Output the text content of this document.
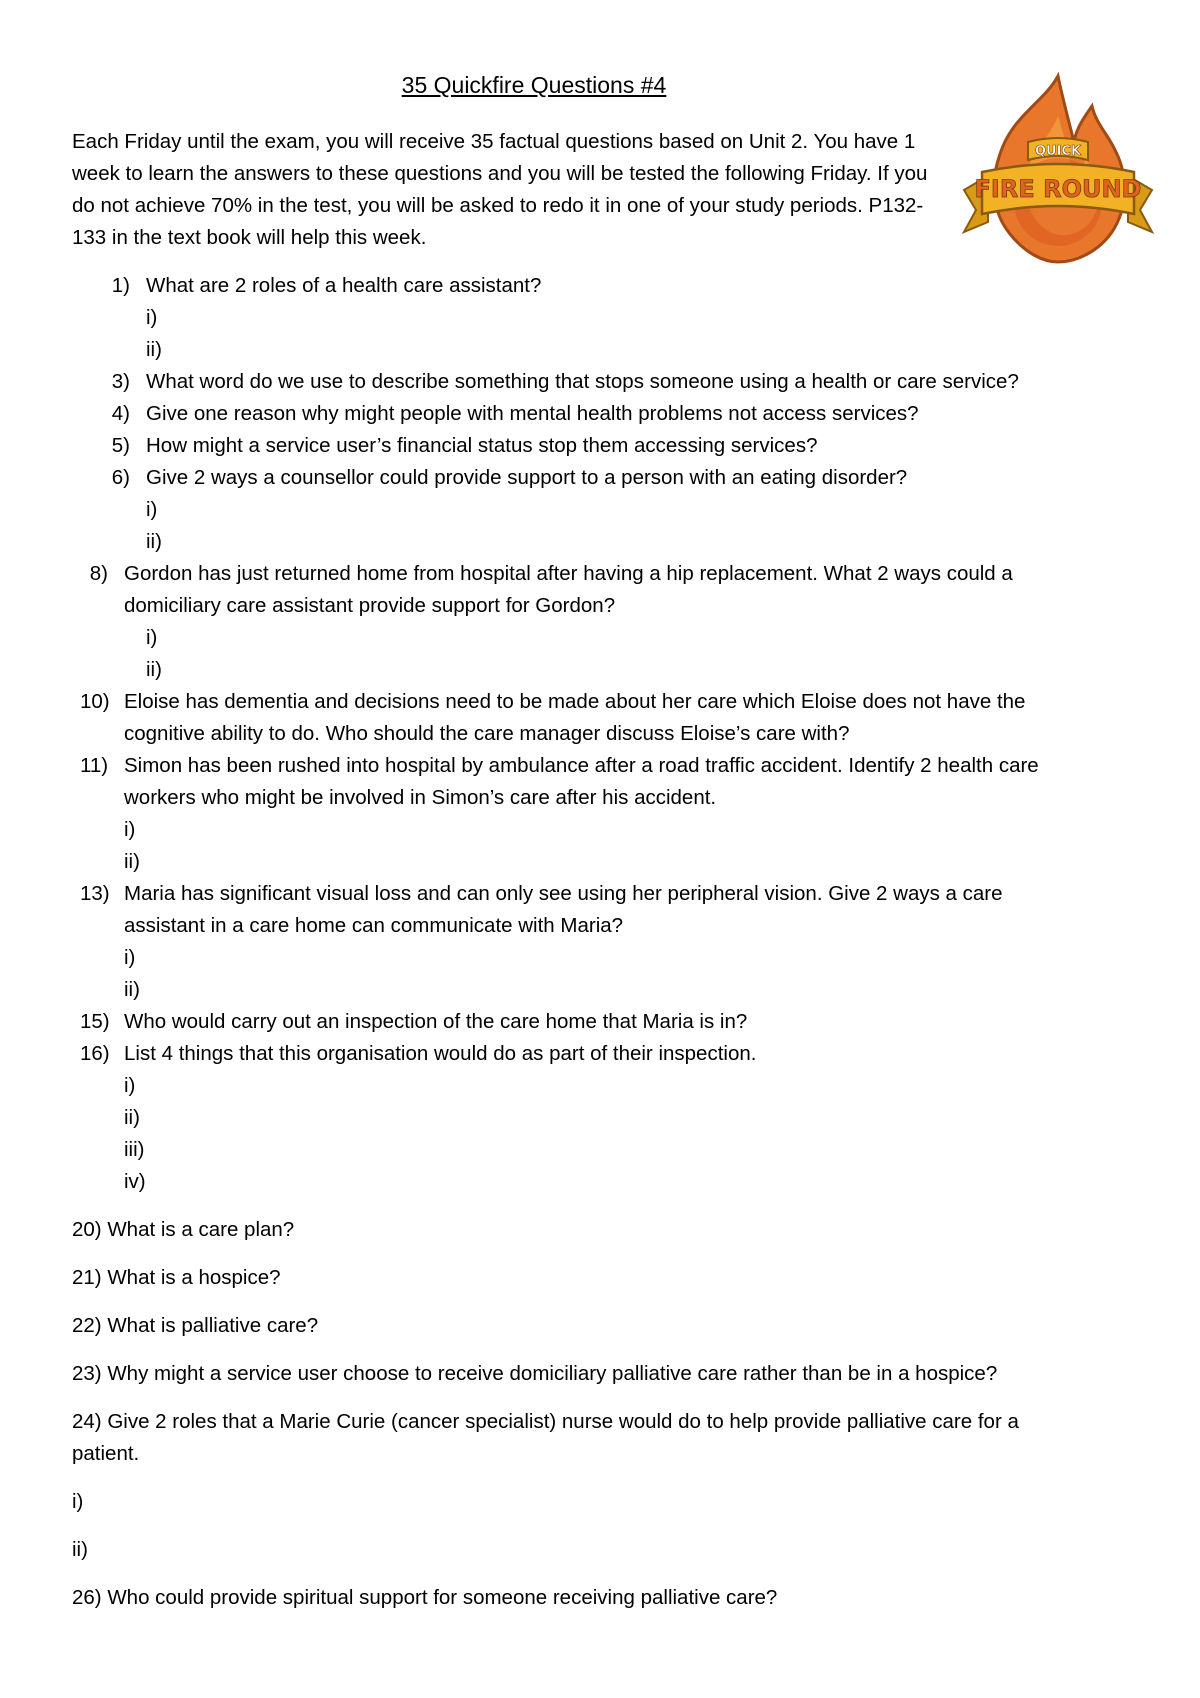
35 Quickfire Questions #4
Each Friday until the exam, you will receive 35 factual questions based on Unit 2. You have 1 week to learn the answers to these questions and you will be tested the following Friday. If you do not achieve 70% in the test, you will be asked to redo it in one of your study periods. P132-133 in the text book will help this week.
QUICK
FIRE ROUND
1) What are 2 roles of a health care assistant?
i)
ii)
3) What word do we use to describe something that stops someone using a health or care service?
4) Give one reason why might people with mental health problems not access services?
5) How might a service user’s financial status stop them accessing services?
6) Give 2 ways a counsellor could provide support to a person with an eating disorder?
i)
ii)
8) Gordon has just returned home from hospital after having a hip replacement. What 2 ways could a
domiciliary care assistant provide support for Gordon?
i)
ii)
10) Eloise has dementia and decisions need to be made about her care which Eloise does not have the
cognitive ability to do. Who should the care manager discuss Eloise’s care with?
11) Simon has been rushed into hospital by ambulance after a road traffic accident. Identify 2 health care
workers who might be involved in Simon’s care after his accident.
i)
ii)
13) Maria has significant visual loss and can only see using her peripheral vision. Give 2 ways a care
assistant in a care home can communicate with Maria?
i)
ii)
15) Who would carry out an inspection of the care home that Maria is in?
16) List 4 things that this organisation would do as part of their inspection.
i)
ii)
iii)
iv)
20) What is a care plan?
21) What is a hospice?
22) What is palliative care?
23) Why might a service user choose to receive domiciliary palliative care rather than be in a hospice?
24) Give 2 roles that a Marie Curie (cancer specialist) nurse would do to help provide palliative care for a
patient.
i)
ii)
26) Who could provide spiritual support for someone receiving palliative care?
